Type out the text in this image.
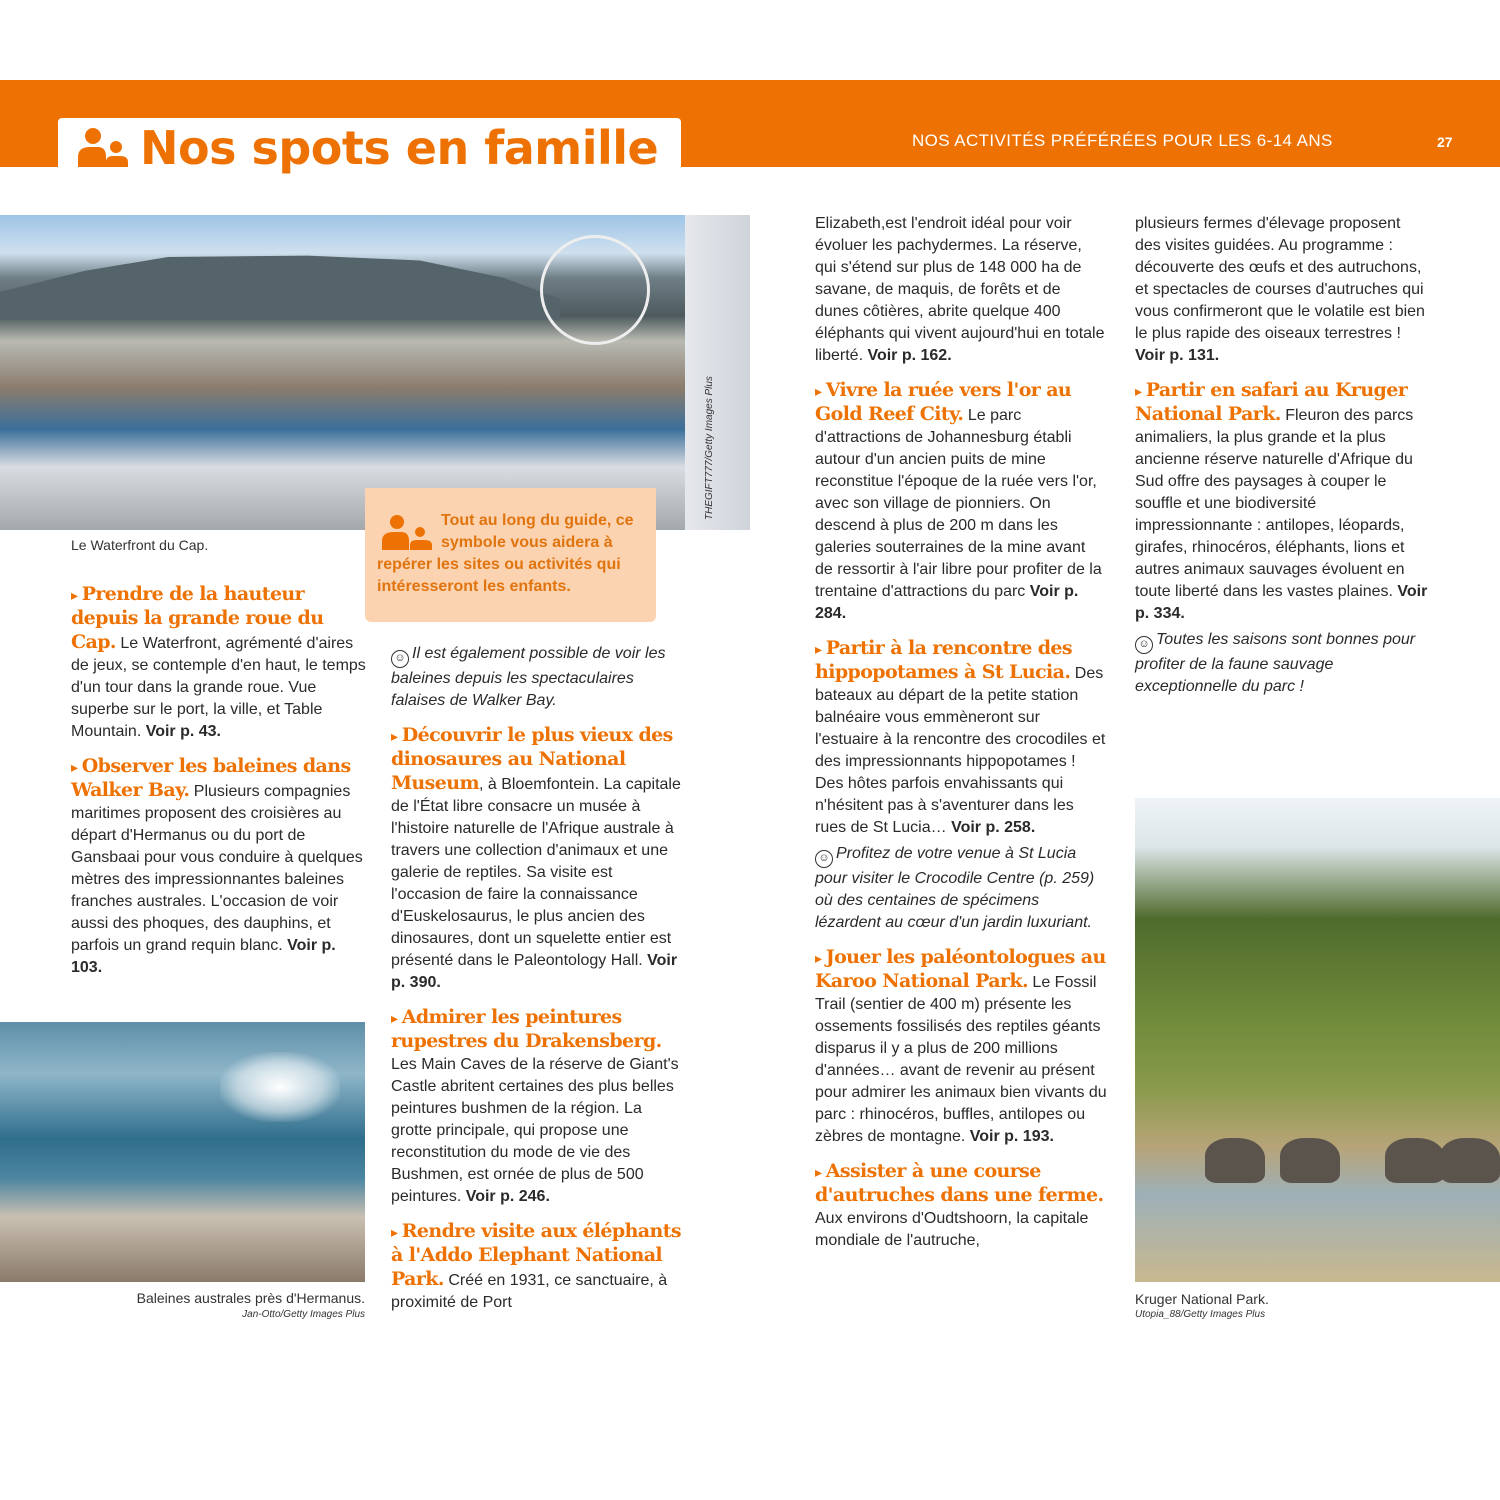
Nos spots en famille	NOS ACTIVITÉS PRÉFÉRÉES POUR LES 6-14 ANS	27
THEGIFT777/Getty Images Plus
Le Waterfront du Cap.
Tout au long du guide, ce symbole vous aidera à repérer les sites ou activités qui intéresseront les enfants.

▸ Prendre de la hauteur depuis la grande roue du Cap. Le Waterfront, agrémenté d'aires de jeux, se contemple d'en haut, le temps d'un tour dans la grande roue. Vue superbe sur le port, la ville, et Table Mountain. Voir p. 43.

▸ Observer les baleines dans Walker Bay. Plusieurs compagnies maritimes proposent des croisières au départ d'Hermanus ou du port de Gansbaai pour vous conduire à quelques mètres des impressionnantes baleines franches australes. L'occasion de voir aussi des phoques, des dauphins, et parfois un grand requin blanc. Voir p. 103.

Baleines australes près d'Hermanus.
Jan-Otto/Getty Images Plus

☺ Il est également possible de voir les baleines depuis les spectaculaires falaises de Walker Bay.

▸ Découvrir le plus vieux des dinosaures au National Museum, à Bloemfontein. La capitale de l'État libre consacre un musée à l'histoire naturelle de l'Afrique australe à travers une collection d'animaux et une galerie de reptiles. Sa visite est l'occasion de faire la connaissance d'Euskelosaurus, le plus ancien des dinosaures, dont un squelette entier est présenté dans le Paleontology Hall. Voir p. 390.

▸ Admirer les peintures rupestres du Drakensberg. Les Main Caves de la réserve de Giant's Castle abritent certaines des plus belles peintures bushmen de la région. La grotte principale, qui propose une reconstitution du mode de vie des Bushmen, est ornée de plus de 500 peintures. Voir p. 246.

▸ Rendre visite aux éléphants à l'Addo Elephant National Park. Créé en 1931, ce sanctuaire, à proximité de Port

Elizabeth,est l'endroit idéal pour voir évoluer les pachydermes. La réserve, qui s'étend sur plus de 148 000 ha de savane, de maquis, de forêts et de dunes côtières, abrite quelque 400 éléphants qui vivent aujourd'hui en totale liberté. Voir p. 162.

▸ Vivre la ruée vers l'or au Gold Reef City. Le parc d'attractions de Johannesburg établi autour d'un ancien puits de mine reconstitue l'époque de la ruée vers l'or, avec son village de pionniers. On descend à plus de 200 m dans les galeries souterraines de la mine avant de ressortir à l'air libre pour profiter de la trentaine d'attractions du parc Voir p. 284.

▸ Partir à la rencontre des hippopotames à St Lucia. Des bateaux au départ de la petite station balnéaire vous emmèneront sur l'estuaire à la rencontre des crocodiles et des impressionnants hippopotames ! Des hôtes parfois envahissants qui n'hésitent pas à s'aventurer dans les rues de St Lucia… Voir p. 258.

☺ Profitez de votre venue à St Lucia pour visiter le Crocodile Centre (p. 259) où des centaines de spécimens lézardent au cœur d'un jardin luxuriant.

▸ Jouer les paléontologues au Karoo National Park. Le Fossil Trail (sentier de 400 m) présente les ossements fossilisés des reptiles géants disparus il y a plus de 200 millions d'années… avant de revenir au présent pour admirer les animaux bien vivants du parc : rhinocéros, buffles, antilopes ou zèbres de montagne. Voir p. 193.

▸ Assister à une course d'autruches dans une ferme. Aux environs d'Oudtshoorn, la capitale mondiale de l'autruche,

plusieurs fermes d'élevage proposent des visites guidées. Au programme : découverte des œufs et des autruchons, et spectacles de courses d'autruches qui vous confirmeront que le volatile est bien le plus rapide des oiseaux terrestres ! Voir p. 131.

▸ Partir en safari au Kruger National Park. Fleuron des parcs animaliers, la plus grande et la plus ancienne réserve naturelle d'Afrique du Sud offre des paysages à couper le souffle et une biodiversité impressionnante : antilopes, léopards, girafes, rhinocéros, éléphants, lions et autres animaux sauvages évoluent en toute liberté dans les vastes plaines. Voir p. 334.

☺ Toutes les saisons sont bonnes pour profiter de la faune sauvage exceptionnelle du parc !

Kruger National Park.
Utopia_88/Getty Images Plus
